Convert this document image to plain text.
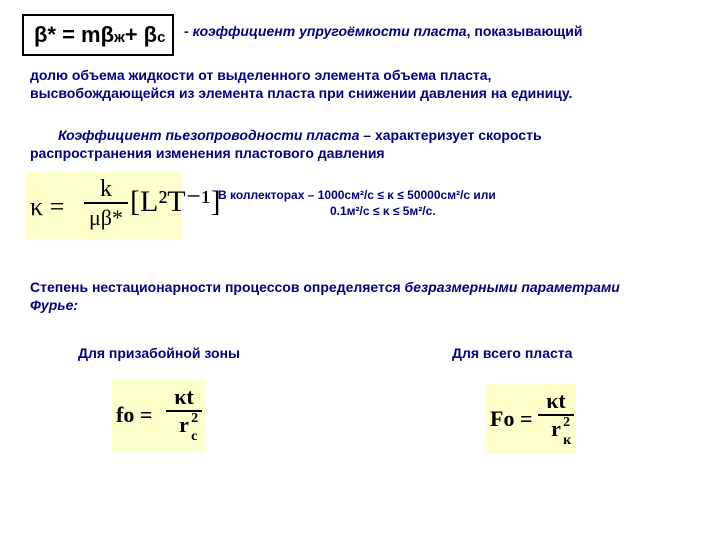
$\beta* = m\beta_ж + \beta_c$ - коэффициент упругоёмкости пласта, показывающий
долю объема жидкости от выделенного элемента объема пласта,
высвобождающейся из элемента пласта при снижении давления на единицу.
Коэффициент пьезопроводности пласта – характеризует скорость
распространения изменения пластового давления
κ =
k
μβ* [L²T⁻¹]
В коллекторах – 1000см²/с ≤ κ ≤ 50000см²/с или
0.1м²/с ≤ κ ≤ 5м²/с.
Степень нестационарности процессов определяется безразмерными параметрами
Фурье:
Для призабойной зоны	Для всего пласта
fo =
κt
r 2
c
Fo =
κt
r 2
к
